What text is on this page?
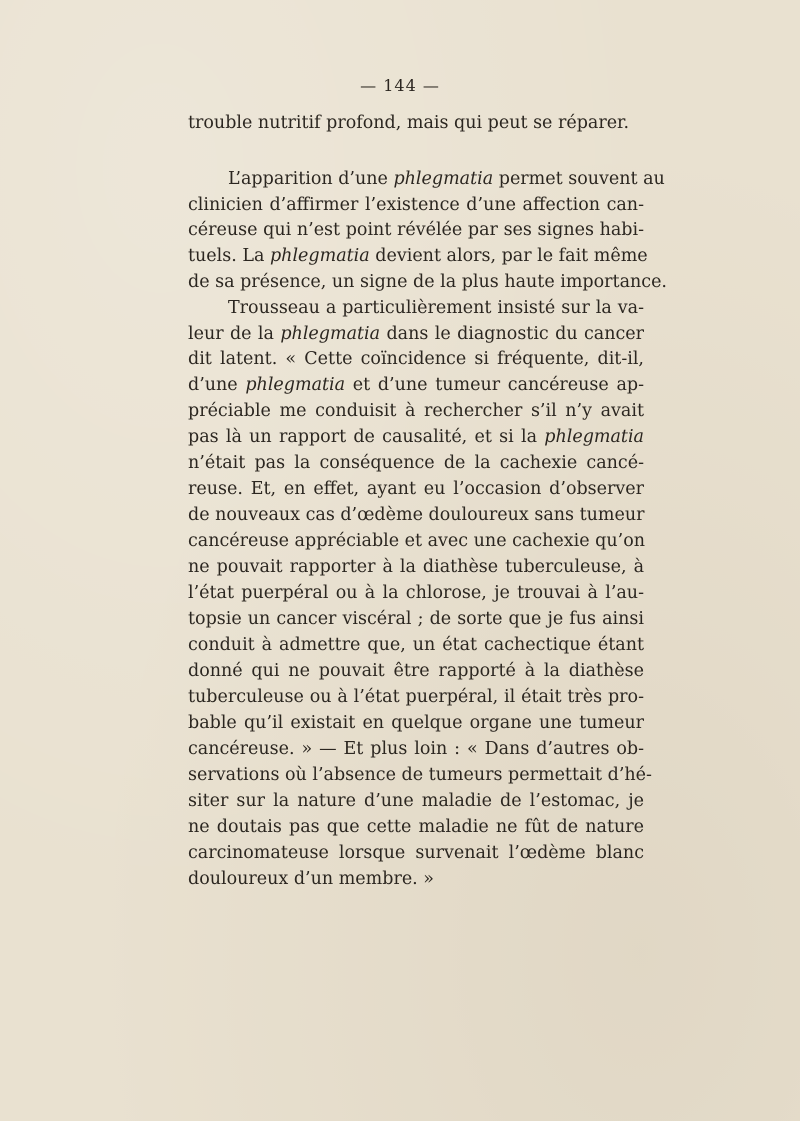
— 144 —
trouble nutritif profond, mais qui peut se réparer.
L’apparition d’une phlegmatia permet souvent au
clinicien d’affirmer l’existence d’une affection can-
céreuse qui n’est point révélée par ses signes habi-
tuels. La phlegmatia devient alors, par le fait même
de sa présence, un signe de la plus haute importance.
Trousseau a particulièrement insisté sur la va-
leur de la phlegmatia dans le diagnostic du cancer
dit latent. « Cette coïncidence si fréquente, dit-il,
d’une phlegmatia et d’une tumeur cancéreuse ap-
préciable me conduisit à rechercher s’il n’y avait
pas là un rapport de causalité, et si la phlegmatia
n’était pas la conséquence de la cachexie cancé-
reuse. Et, en effet, ayant eu l’occasion d’observer
de nouveaux cas d’œdème douloureux sans tumeur
cancéreuse appréciable et avec une cachexie qu’on
ne pouvait rapporter à la diathèse tuberculeuse, à
l’état puerpéral ou à la chlorose, je trouvai à l’au-
topsie un cancer viscéral ; de sorte que je fus ainsi
conduit à admettre que, un état cachectique étant
donné qui ne pouvait être rapporté à la diathèse
tuberculeuse ou à l’état puerpéral, il était très pro-
bable qu’il existait en quelque organe une tumeur
cancéreuse. » — Et plus loin : « Dans d’autres ob-
servations où l’absence de tumeurs permettait d’hé-
siter sur la nature d’une maladie de l’estomac, je
ne doutais pas que cette maladie ne fût de nature
carcinomateuse lorsque survenait l’œdème blanc
douloureux d’un membre. »
